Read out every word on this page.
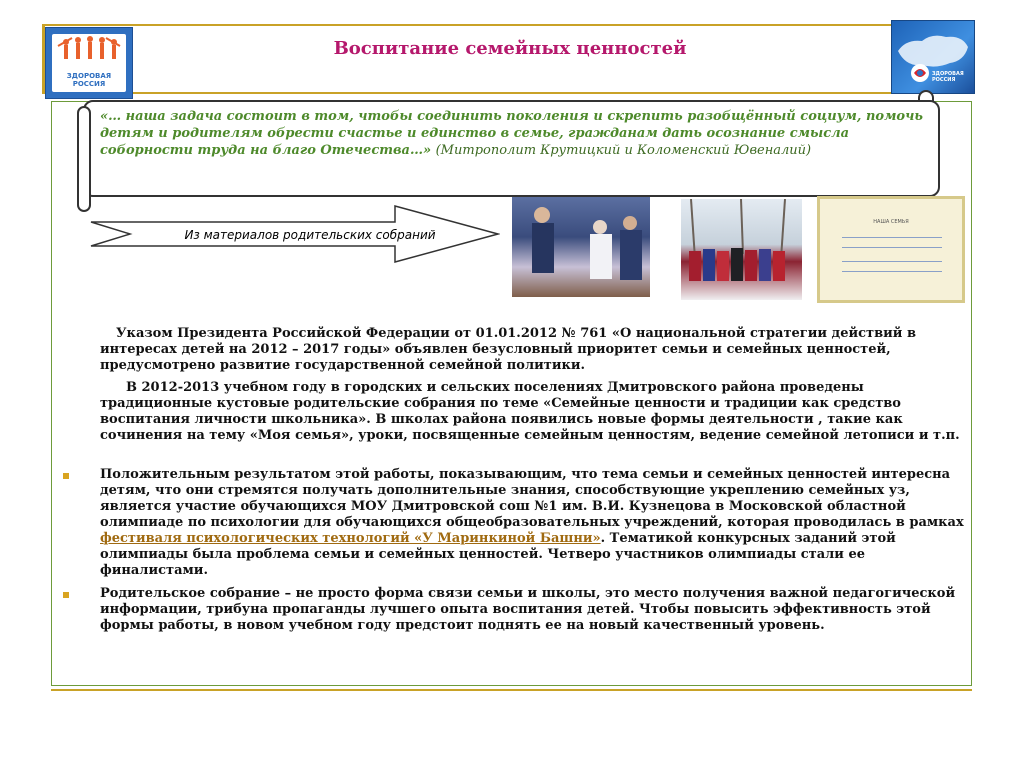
ЗДОРОВАЯ РОССИЯ
Воспитание семейных ценностей
ЗДОРОВАЯ РОССИЯ
«… наша задача состоит в том, чтобы соединить поколения и скрепить разобщённый социум, помочь детям и родителям обрести счастье и единство в семье, гражданам дать осознание смысла соборности труда на благо Отечества…» (Митрополит Крутицкий и Коломенский Ювеналий)
Из материалов родительских собраний
НАША СЕМЬЯ
Указом Президента Российской Федерации от 01.01.2012 № 761 «О национальной стратегии действий в интересах детей на 2012 – 2017 годы» объявлен безусловный приоритет семьи и семейных ценностей, предусмотрено развитие государственной семейной политики.
В 2012-2013 учебном году в городских и сельских поселениях Дмитровского района проведены традиционные кустовые родительские собрания по теме «Семейные ценности и традиции как средство воспитания личности школьника». В школах района появились новые формы деятельности , такие как сочинения на тему «Моя семья», уроки, посвященные семейным ценностям, ведение семейной летописи и т.п.
Положительным результатом этой работы, показывающим, что тема семьи и семейных ценностей интересна детям, что они стремятся получать дополнительные знания, способствующие укреплению семейных уз, является участие обучающихся МОУ Дмитровской сош №1 им. В.И. Кузнецова в Московской областной олимпиаде по психологии для обучающихся общеобразовательных учреждений, которая проводилась в рамках фестиваля психологических технологий «У Маринкиной Башни». Тематикой конкурсных заданий этой олимпиады была проблема семьи и семейных ценностей. Четверо участников олимпиады стали ее финалистами.
Родительское собрание – не просто форма связи семьи и школы, это место получения важной педагогической информации, трибуна пропаганды лучшего опыта воспитания детей. Чтобы повысить эффективность этой формы работы, в новом учебном году предстоит поднять ее на новый качественный уровень.
